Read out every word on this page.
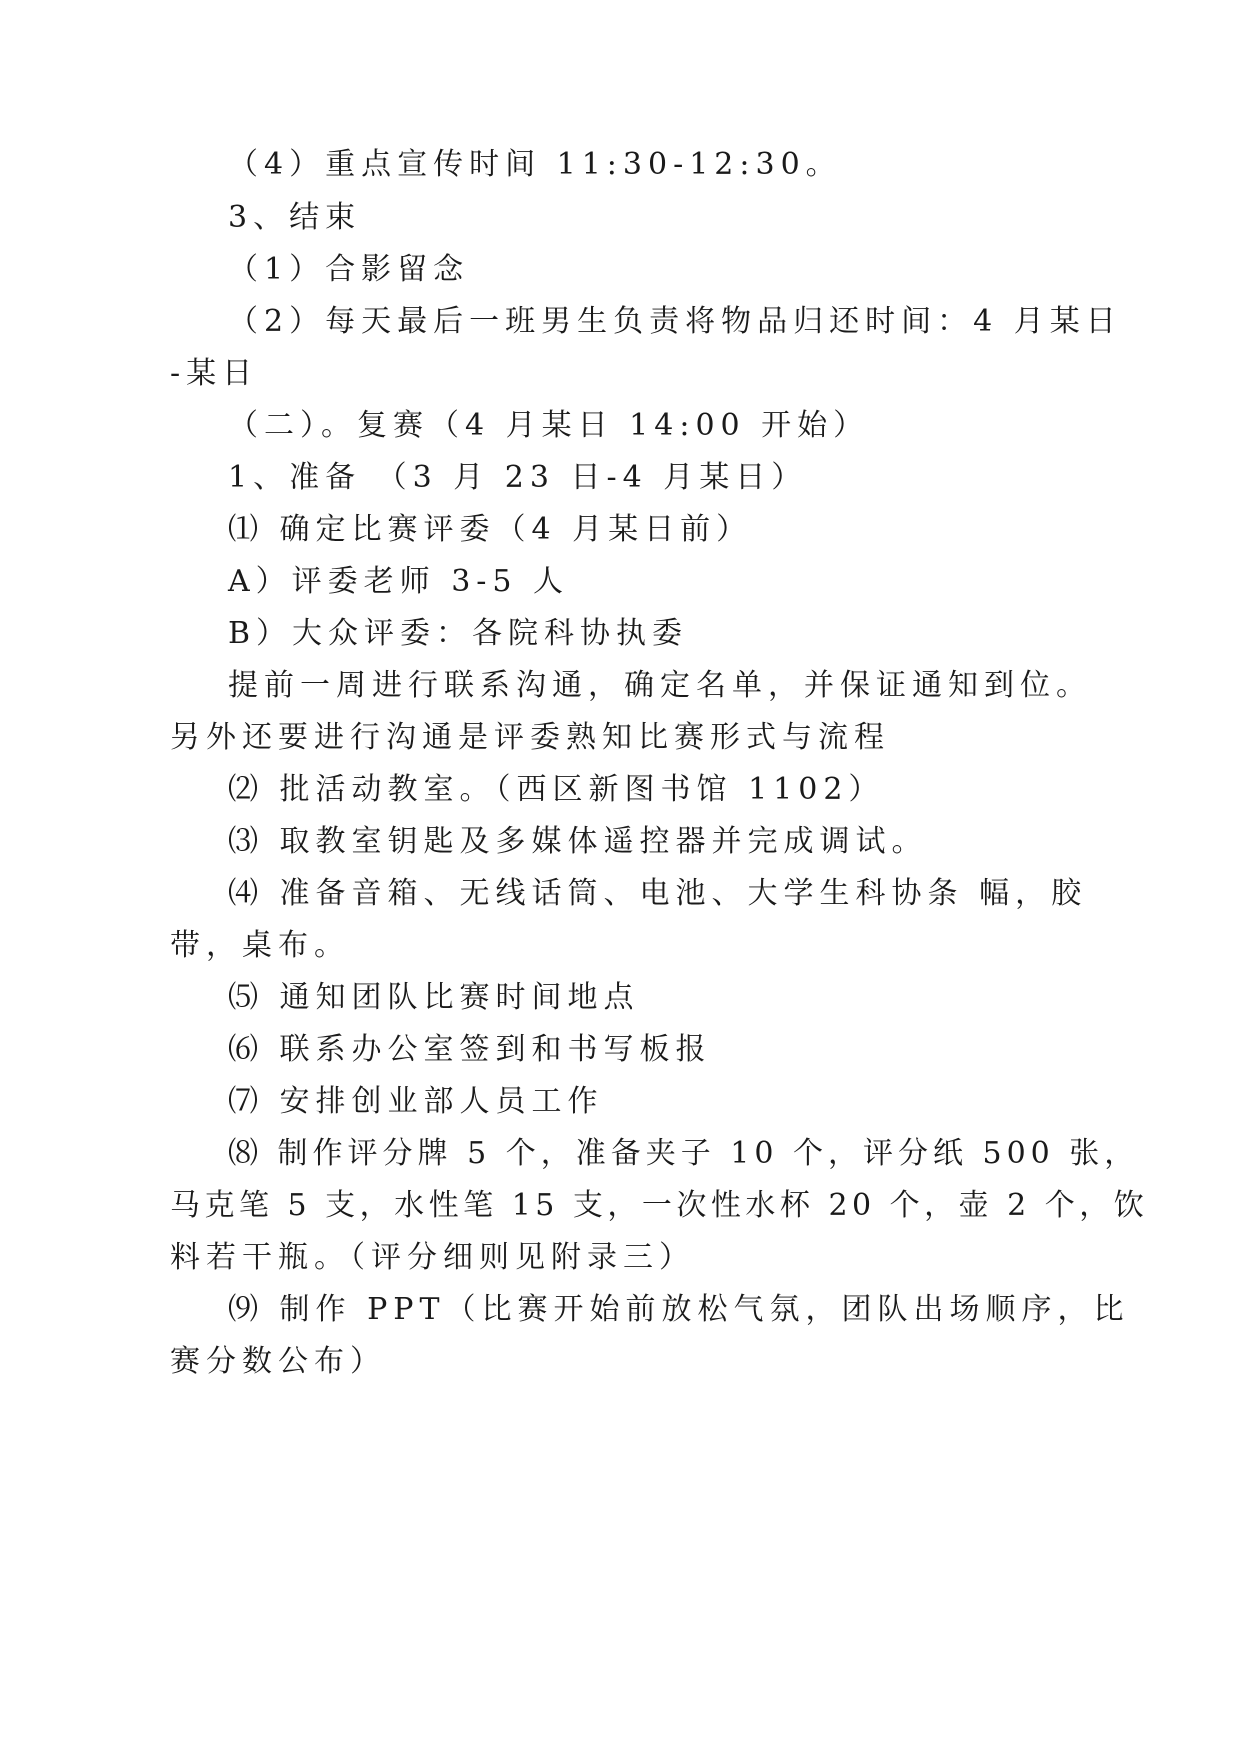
（4）重点宣传时间 11:30-12:30。
3、结束
（1）合影留念
（2）每天最后一班男生负责将物品归还时间：4 月某日
-某日
（二）。复赛（4 月某日 14:00 开始）
1、准备 （3 月 23 日-4 月某日）
⑴ 确定比赛评委（4 月某日前）
A）评委老师 3-5 人
B）大众评委：各院科协执委
提前一周进行联系沟通，确定名单，并保证通知到位。
另外还要进行沟通是评委熟知比赛形式与流程
⑵ 批活动教室。（西区新图书馆 1102）
⑶ 取教室钥匙及多媒体遥控器并完成调试。
⑷ 准备音箱、无线话筒、电池、大学生科协条 幅，胶
带，桌布。
⑸ 通知团队比赛时间地点
⑹ 联系办公室签到和书写板报
⑺ 安排创业部人员工作
⑻ 制作评分牌 5 个，准备夹子 10 个，评分纸 500 张，
马克笔 5 支，水性笔 15 支，一次性水杯 20 个，壶 2 个，饮
料若干瓶。（评分细则见附录三）
⑼ 制作 PPT（比赛开始前放松气氛，团队出场顺序，比
赛分数公布）
